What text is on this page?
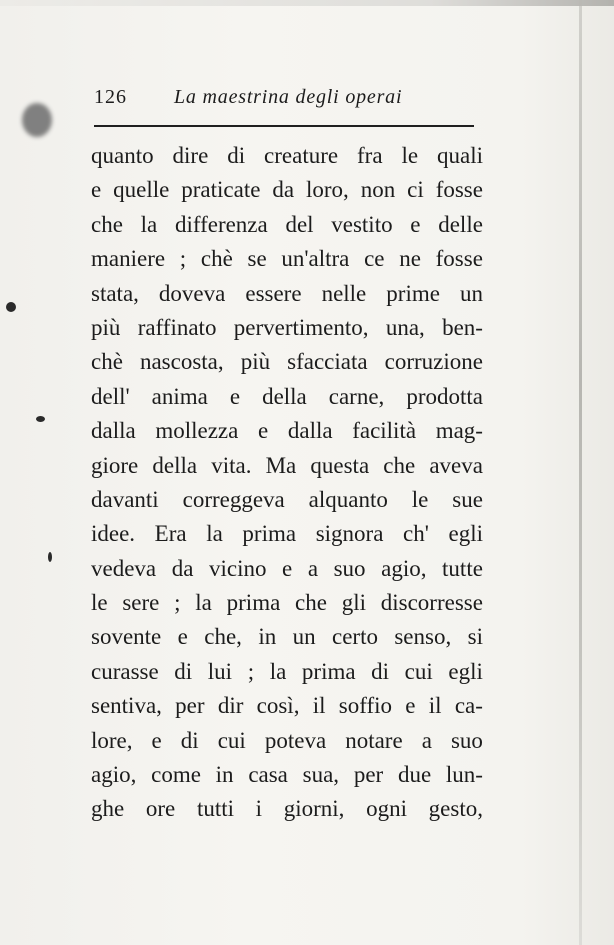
126 La maestrina degli operai
quanto dire di creature fra le quali
e quelle praticate da loro, non ci fosse
che la differenza del vestito e delle
maniere ; chè se un'altra ce ne fosse
stata, doveva essere nelle prime un
più raffinato pervertimento, una, ben-
chè nascosta, più sfacciata corruzione
dell' anima e della carne, prodotta
dalla mollezza e dalla facilità mag-
giore della vita. Ma questa che aveva
davanti correggeva alquanto le sue
idee. Era la prima signora ch' egli
vedeva da vicino e a suo agio, tutte
le sere ; la prima che gli discorresse
sovente e che, in un certo senso, si
curasse di lui ; la prima di cui egli
sentiva, per dir così, il soffio e il ca-
lore, e di cui poteva notare a suo
agio, come in casa sua, per due lun-
ghe ore tutti i giorni, ogni gesto,
